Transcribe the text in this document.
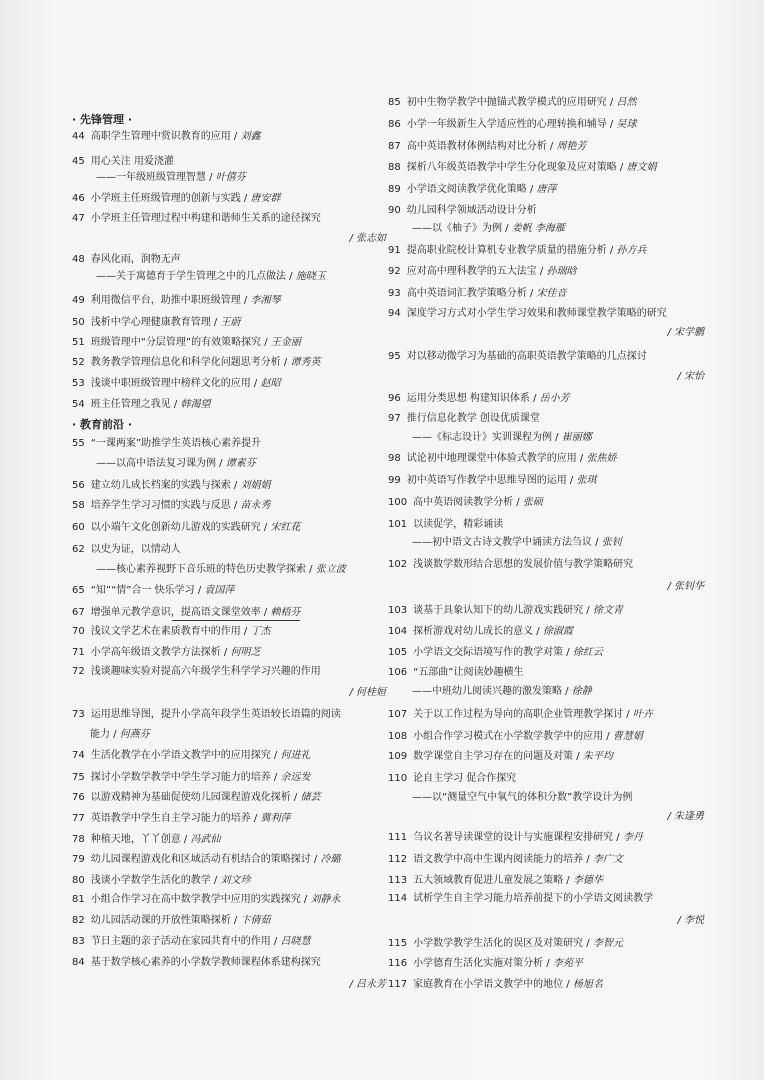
· 先锋管理 ·
· 教育前沿 ·
44 高职学生管理中赏识教育的应用 / 刘鑫
45 用心关注 用爱浇灌
——一年级班级管理智慧 / 叶僖芬
46 小学班主任班级管理的创新与实践 / 唐安群
47 小学班主任管理过程中构建和谐师生关系的途径探究
/ 张志如
48 春风化雨，润物无声
——关于寓德育于学生管理之中的几点做法 / 施晓玉
49 利用微信平台，助推中职班级管理 / 李湘琴
50 浅析中学心理健康教育管理 / 王蔚
51 班级管理中“分层管理”的有效策略探究 / 王金丽
52 教务教学管理信息化和科学化问题思考分析 / 谭秀英
53 浅谈中职班级管理中榜样文化的应用 / 赵昭
54 班主任管理之我见 / 韩渴望
55 “一课两案”助推学生英语核心素养提升
——以高中语法复习课为例 / 谭素芬
56 建立幼儿成长档案的实践与探索 / 刘娟娟
58 培养学生学习习惯的实践与反思 / 苗永秀
60 以小端午文化创新幼儿游戏的实践研究 / 宋红花
62 以史为证，以情动人
——核心素养视野下音乐班的特色历史教学探索 / 张立波
65 “知”“情”合一 快乐学习 / 袁国萍
67 增强单元教学意识，提高语文课堂效率 / 赖梧芬
70 浅议文学艺术在素质教育中的作用 / 丁杰
71 小学高年级语文教学方法探析 / 何明芝
72 浅谈趣味实验对提高六年级学生科学学习兴趣的作用
/ 何桂姮
73 运用思维导图，提升小学高年段学生英语较长语篇的阅读
能力 / 何燕芬
74 生活化教学在小学语文教学中的应用探究 / 何进礼
75 探讨小学数学教学中学生学习能力的培养 / 余远发
76 以游戏精神为基础促使幼儿园课程游戏化探析 / 储芸
77 英语教学中学生自主学习能力的培养 / 冀利萍
78 种植天地，丫丫创意 / 冯武仙
79 幼儿园课程游戏化和区域活动有机结合的策略探讨 / 冷璐
80 浅谈小学数学生活化的教学 / 刘文珍
81 小组合作学习在高中数学教学中应用的实践探究 / 刘静永
82 幼儿园活动课的开放性策略探析 / 卞倩茹
83 节日主题的亲子活动在家园共育中的作用 / 吕晓慧
84 基于数学核心素养的小学数学教师课程体系建构探究
/ 吕永芳
85 初中生物学教学中抛锚式教学模式的应用研究 / 吕然
86 小学一年级新生入学适应性的心理转换和辅导 / 吴球
87 高中英语教材体例结构对比分析 / 周艳芳
88 探析八年级英语教学中学生分化现象及应对策略 / 唐文娟
89 小学语文阅读教学优化策略 / 唐萍
90 幼儿园科学领域活动设计分析
——以《柚子》为例 / 姜帆 李海雁
91 提高职业院校计算机专业教学质量的措施分析 / 孙方兵
92 应对高中理科教学的五大法宝 / 孙瑞晗
93 高中英语词汇教学策略分析 / 宋佳音
94 深度学习方式对小学生学习效果和教师课堂教学策略的研究
/ 宋学鹏
95 对以移动微学习为基础的高职英语教学策略的几点探讨
/ 宋怡
96 运用分类思想 构建知识体系 / 岳小芳
97 推行信息化教学 创设优质课堂
——《标志设计》实训课程为例 / 崔丽娜
98 试论初中地理课堂中体验式教学的应用 / 张焦娇
99 初中英语写作教学中思维导图的运用 / 张琪
100 高中英语阅读教学分析 / 张硕
101 以读促学，精彩诵读
——初中语文古诗文教学中诵读方法刍议 / 张钊
102 浅谈数学数形结合思想的发展价值与教学策略研究
/ 张钊华
103 谈基于具象认知下的幼儿游戏实践研究 / 徐文青
104 探析游戏对幼儿成长的意义 / 徐淑霞
105 小学语文交际语境写作的教学对策 / 徐红云
106 “五部曲”让阅读妙趣横生
——中班幼儿阅读兴趣的激发策略 / 徐静
107 关于以工作过程为导向的高职企业管理教学探讨 / 叶卉
108 小组合作学习模式在小学数学教学中的应用 / 曹慧娟
109 数学课堂自主学习存在的问题及对策 / 朱平均
110 论自主学习 促合作探究
——以“测量空气中氧气的体积分数”教学设计为例
/ 朱逢勇
111 刍议名著导读课堂的设计与实施课程安排研究 / 李丹
112 语文教学中高中生课内阅读能力的培养 / 李广文
113 五大领域教育促进儿童发展之策略 / 李德华
114 试析学生自主学习能力培养前提下的小学语文阅读教学
/ 李悦
115 小学数学教学生活化的误区及对策研究 / 李智元
116 小学德育生活化实施对策分析 / 李苑平
117 家庭教育在小学语文教学中的地位 / 杨旭名
